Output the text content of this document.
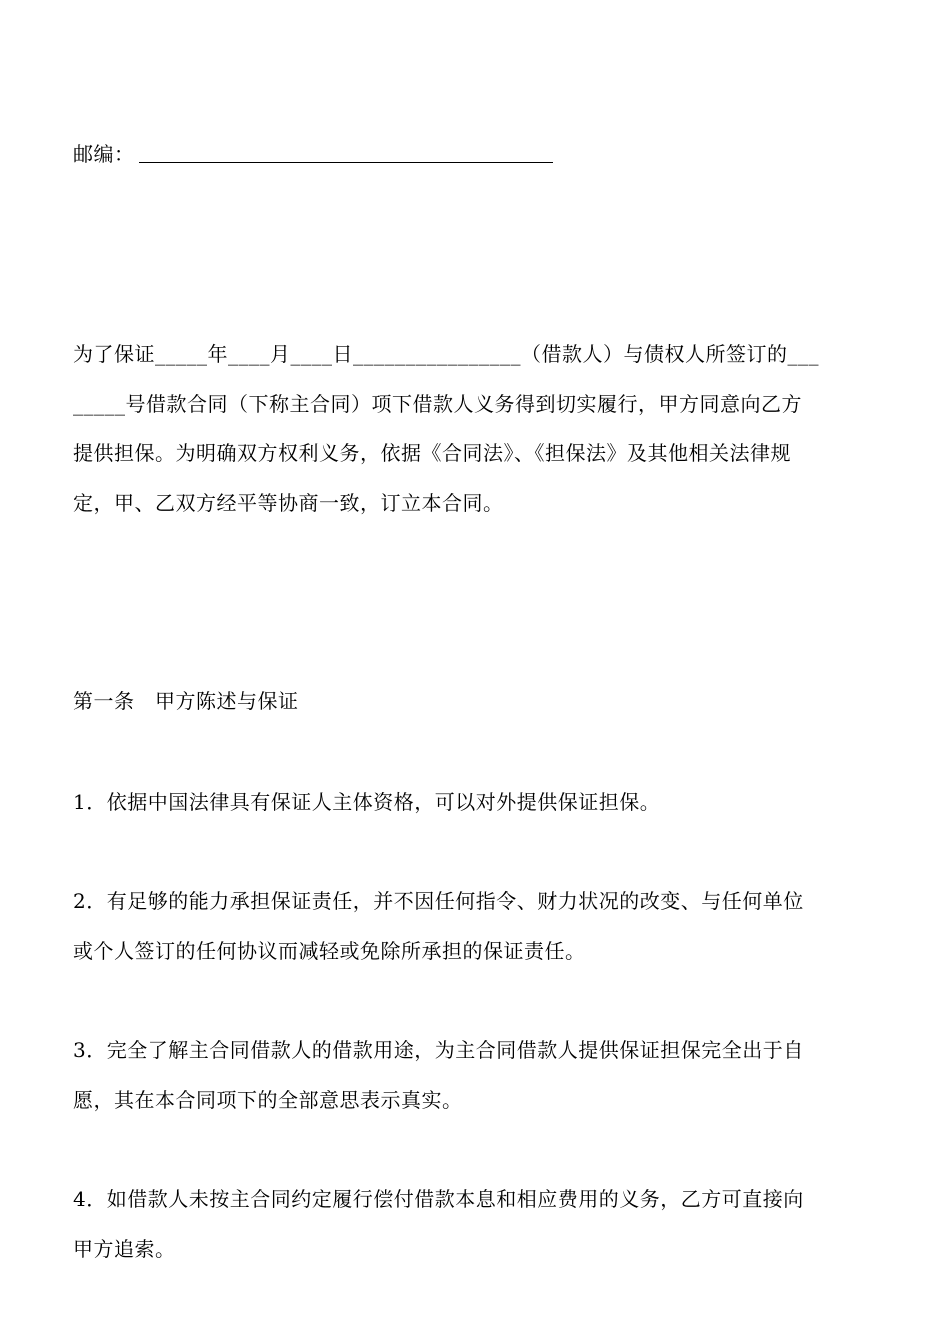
邮编：
为了保证_____年____月____日________________（借款人）与债权人所签订的___
_____号借款合同（下称主合同）项下借款人义务得到切实履行，甲方同意向乙方
提供担保。为明确双方权利义务，依据《合同法》、《担保法》及其他相关法律规
定，甲、乙双方经平等协商一致，订立本合同。
第一条　甲方陈述与保证
1．依据中国法律具有保证人主体资格，可以对外提供保证担保。
2．有足够的能力承担保证责任，并不因任何指令、财力状况的改变、与任何单位
或个人签订的任何协议而减轻或免除所承担的保证责任。
3．完全了解主合同借款人的借款用途，为主合同借款人提供保证担保完全出于自
愿，其在本合同项下的全部意思表示真实。
4．如借款人未按主合同约定履行偿付借款本息和相应费用的义务，乙方可直接向
甲方追索。
